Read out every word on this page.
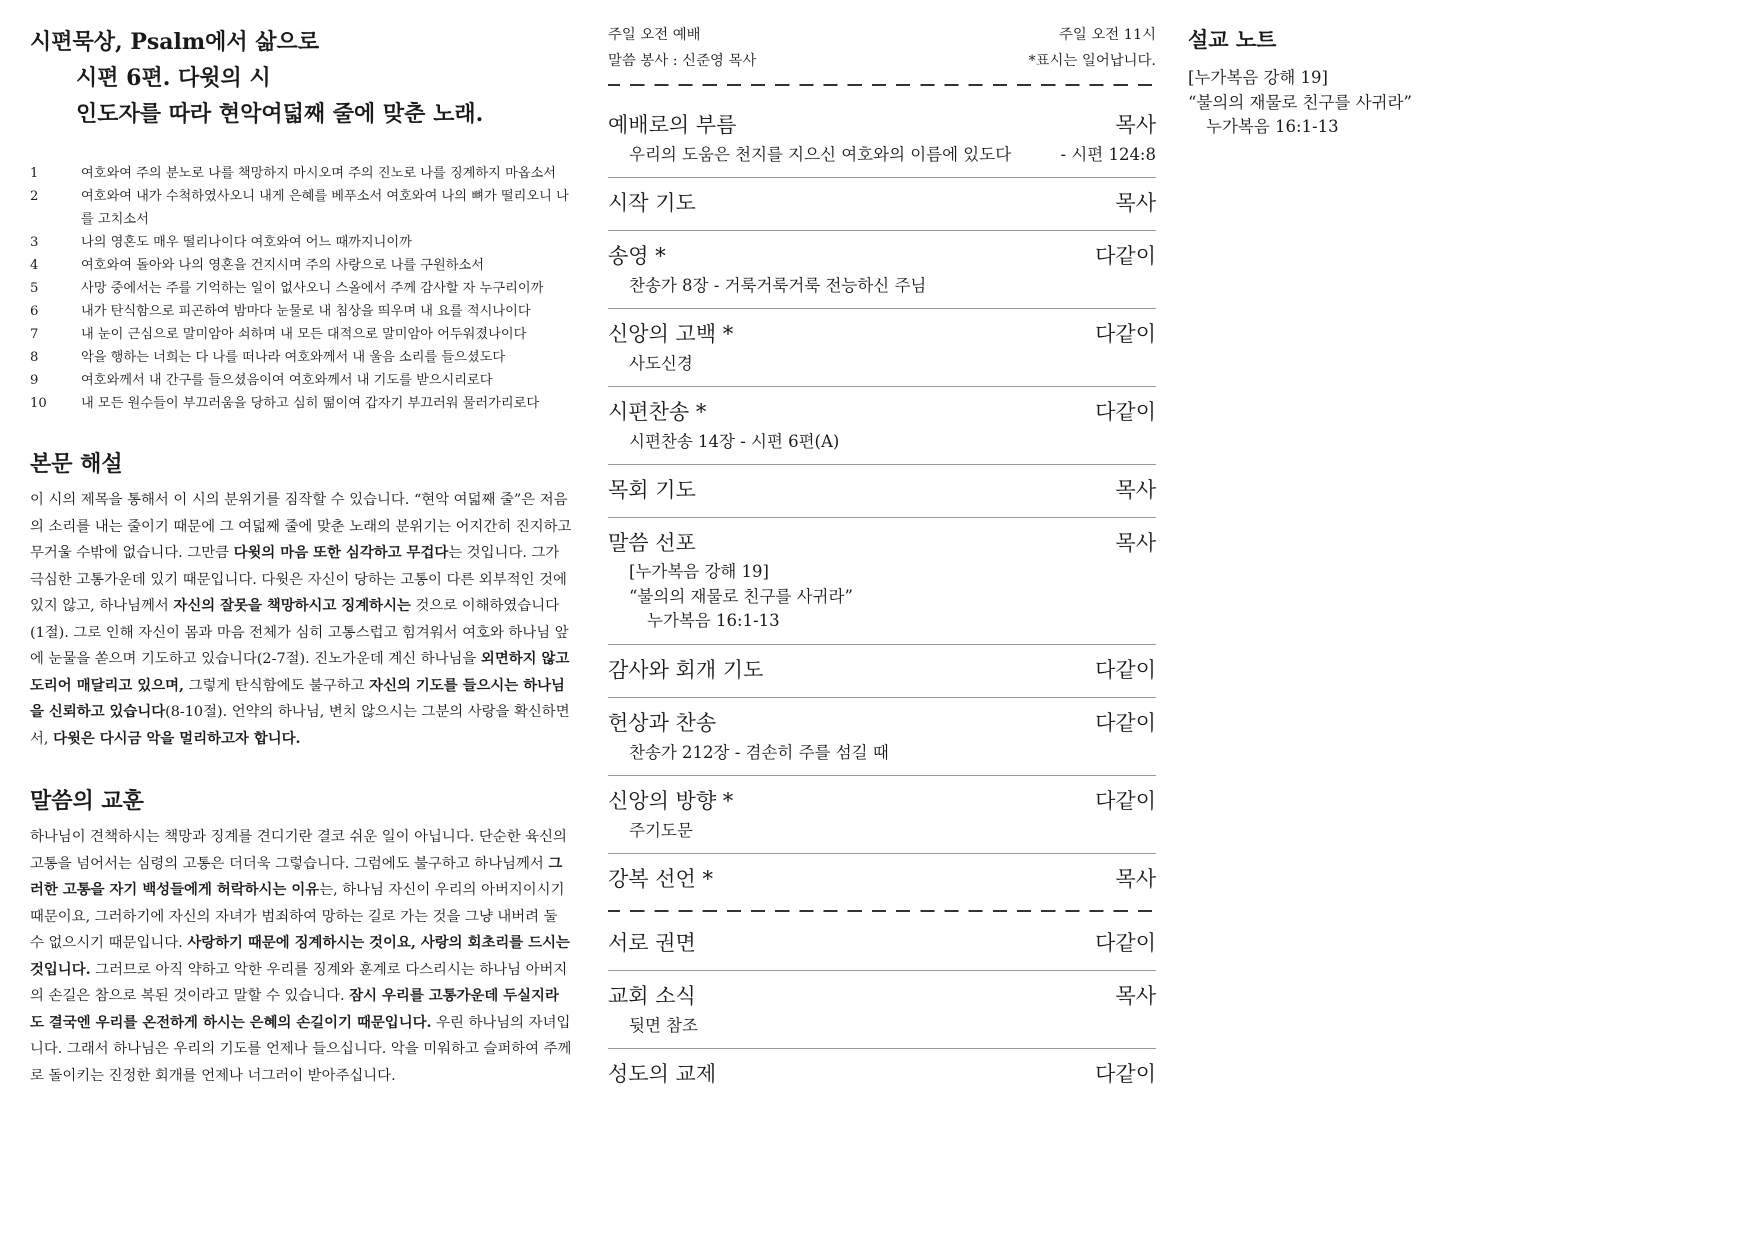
시편묵상, Psalm에서 삶으로
시편 6편. 다윗의 시
인도자를 따라 현악여덟째 줄에 맞춘 노래.
1	여호와여 주의 분노로 나를 책망하지 마시오며 주의 진노로 나를 징계하지 마옵소서
2	여호와여 내가 수척하였사오니 내게 은혜를 베푸소서 여호와여 나의 뼈가 떨리오니 나를 고치소서
3	나의 영혼도 매우 떨리나이다 여호와여 어느 때까지니이까
4	여호와여 돌아와 나의 영혼을 건지시며 주의 사랑으로 나를 구원하소서
5	사망 중에서는 주를 기억하는 일이 없사오니 스올에서 주께 감사할 자 누구리이까
6	내가 탄식함으로 피곤하여 밤마다 눈물로 내 침상을 띄우며 내 요를 적시나이다
7	내 눈이 근심으로 말미암아 쇠하며 내 모든 대적으로 말미암아 어두워졌나이다
8	악을 행하는 너희는 다 나를 떠나라 여호와께서 내 울음 소리를 들으셨도다
9	여호와께서 내 간구를 들으셨음이여 여호와께서 내 기도를 받으시리로다
10	내 모든 원수들이 부끄러움을 당하고 심히 떪이여 갑자기 부끄러워 물러가리로다
본문 해설
이 시의 제목을 통해서 이 시의 분위기를 짐작할 수 있습니다. “현악 여덟째 줄”은 저음의 소리를 내는 줄이기 때문에 그 여덟째 줄에 맞춘 노래의 분위기는 어지간히 진지하고 무거울 수밖에 없습니다. 그만큼 다윗의 마음 또한 심각하고 무겁다는 것입니다. 그가 극심한 고통가운데 있기 때문입니다. 다윗은 자신이 당하는 고통이 다른 외부적인 것에 있지 않고, 하나님께서 자신의 잘못을 책망하시고 징계하시는 것으로 이해하였습니다(1절). 그로 인해 자신이 몸과 마음 전체가 심히 고통스럽고 힘겨워서 여호와 하나님 앞에 눈물을 쏟으며 기도하고 있습니다(2-7절). 진노가운데 계신 하나님을 외면하지 않고 도리어 매달리고 있으며, 그렇게 탄식함에도 불구하고 자신의 기도를 들으시는 하나님을 신뢰하고 있습니다(8-10절). 언약의 하나님, 변치 않으시는 그분의 사랑을 확신하면서, 다윗은 다시금 악을 멀리하고자 합니다.
말씀의 교훈
하나님이 견책하시는 책망과 징계를 견디기란 결코 쉬운 일이 아닙니다. 단순한 육신의 고통을 넘어서는 심령의 고통은 더더욱 그렇습니다. 그럼에도 불구하고 하나님께서 그러한 고통을 자기 백성들에게 허락하시는 이유는, 하나님 자신이 우리의 아버지이시기 때문이요, 그러하기에 자신의 자녀가 범죄하여 망하는 길로 가는 것을 그냥 내버려 둘 수 없으시기 때문입니다. 사랑하기 때문에 징계하시는 것이요, 사랑의 회초리를 드시는 것입니다. 그러므로 아직 약하고 악한 우리를 징계와 훈계로 다스리시는 하나님 아버지의 손길은 참으로 복된 것이라고 말할 수 있습니다. 잠시 우리를 고통가운데 두실지라도 결국엔 우리를 온전하게 하시는 은혜의 손길이기 때문입니다. 우린 하나님의 자녀입니다. 그래서 하나님은 우리의 기도를 언제나 들으십니다. 악을 미워하고 슬퍼하여 주께로 돌이키는 진정한 회개를 언제나 너그러이 받아주십니다.
주일 오전 예배	주일 오전 11시
말씀 봉사 : 신준영 목사	*표시는 일어납니다.
예배로의 부름	목사
우리의 도움은 천지를 지으신 여호와의 이름에 있도다	- 시편 124:8
시작 기도	목사
송영 *	다같이
찬송가 8장 - 거룩거룩거룩 전능하신 주님
신앙의 고백 *	다같이
사도신경
시편찬송 *	다같이
시편찬송 14장 - 시편 6편(A)
목회 기도	목사
말씀 선포	목사
[누가복음 강해 19]
“불의의 재물로 친구를 사귀라”
누가복음 16:1-13
감사와 회개 기도	다같이
헌상과 찬송	다같이
찬송가 212장 - 겸손히 주를 섬길 때
신앙의 방향 *	다같이
주기도문
강복 선언 *	목사
서로 권면	다같이
교회 소식	목사
뒷면 참조
성도의 교제	다같이
설교 노트
[누가복음 강해 19]
“불의의 재물로 친구를 사귀라”
누가복음 16:1-13
